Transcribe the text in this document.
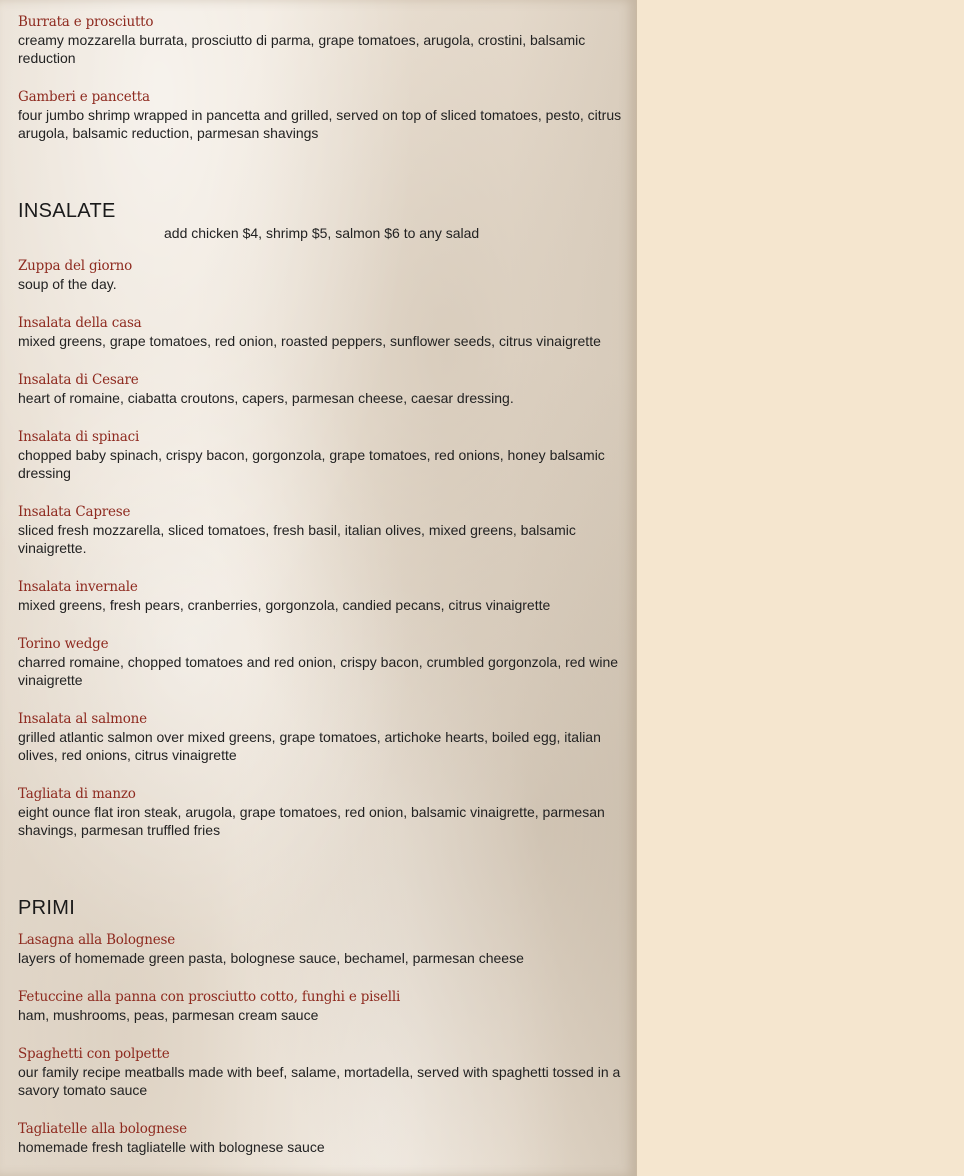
Burrata e prosciutto
creamy mozzarella burrata, prosciutto di parma, grape tomatoes, arugola, crostini, balsamic reduction
Gamberi e pancetta
four jumbo shrimp wrapped in pancetta and grilled, served on top of sliced tomatoes, pesto, citrus arugola, balsamic reduction, parmesan shavings
INSALATE
add chicken $4, shrimp $5, salmon $6 to any salad
Zuppa del giorno
soup of the day.
Insalata della casa
mixed greens, grape tomatoes, red onion, roasted peppers, sunflower seeds, citrus vinaigrette
Insalata di Cesare
heart of romaine, ciabatta croutons, capers, parmesan cheese, caesar dressing.
Insalata di spinaci
chopped baby spinach, crispy bacon, gorgonzola, grape tomatoes, red onions, honey balsamic dressing
Insalata Caprese
sliced fresh mozzarella, sliced tomatoes, fresh basil, italian olives, mixed greens, balsamic vinaigrette.
Insalata invernale
mixed greens, fresh pears, cranberries, gorgonzola, candied pecans, citrus vinaigrette
Torino wedge
charred romaine, chopped tomatoes and red onion, crispy bacon, crumbled gorgonzola, red wine vinaigrette
Insalata al salmone
grilled atlantic salmon over mixed greens, grape tomatoes, artichoke hearts, boiled egg, italian olives, red onions, citrus vinaigrette
Tagliata di manzo
eight ounce flat iron steak, arugola, grape tomatoes, red onion, balsamic vinaigrette, parmesan shavings, parmesan truffled fries
PRIMI
Lasagna alla Bolognese
layers of homemade green pasta, bolognese sauce, bechamel, parmesan cheese
Fetuccine alla panna con prosciutto cotto, funghi e piselli
ham, mushrooms, peas, parmesan cream sauce
Spaghetti con polpette
our family recipe meatballs made with beef, salame, mortadella, served with spaghetti tossed in a savory tomato sauce
Tagliatelle alla bolognese
homemade fresh tagliatelle with bolognese sauce
